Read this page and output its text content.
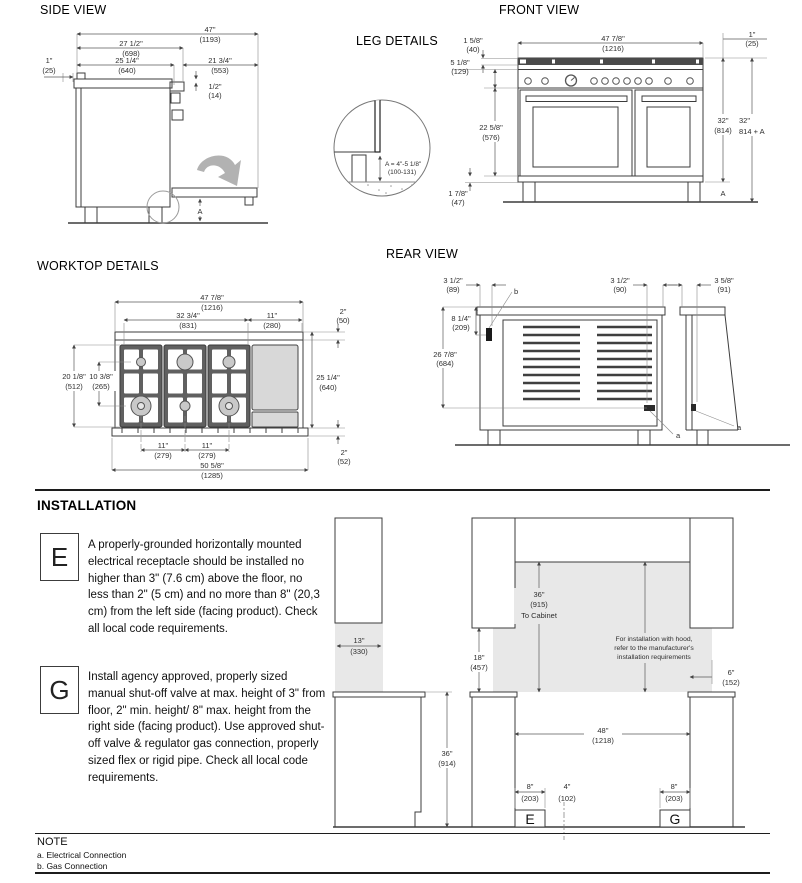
47"
(1193)
27 1/2"
(698)
25 1/4"
(640)
1"
(25)
21 3/4"
(553)
1/2"
(14)
A
47 7/8"
(1216)
1 5/8"
(40)
5 1/8"
(129)
22 5/8"
(576)
1 7/8"
(47)
1"
(25)
32"
(814)
32"
814 + A
A
A = 4"-5 1/8"
(100-131)
47 7/8"
(1216)
32 3/4"
(831)
11"
(280)
2"
(50)
20 1/8"
(512)
10 3/8"
(265)
25 1/4"
(640)
11"
(279)
11"
(279)
50 5/8"
(1285)
2"
(52)
b
a
a
3 1/2"
(89)
3 1/2"
(90)
3 5/8"
(91)
8 1/4"
(209)
26 7/8"
(684)
13"
(330)
36"
(914)
36"
(915)
To Cabinet
For installation with hood,
refer to the manufacturer's
installation requirements
18"
(457)
6"
(152)
48''
(1218)
E	G
8"
(203)
4"
(102)
8"
(203)
SIDE VIEW	FRONT VIEW
LEG DETAILS
WORKTOP DETAILS
REAR VIEW
INSTALLATION
E A properly-grounded horizontally mounted electrical receptacle should be installed no higher than 3" (7.6 cm) above the floor, no less than 2" (5 cm) and no more than 8" (20,3 cm) from the left side (facing product). Check all local code requirements.
G Install agency approved, properly sized manual shut-off valve at max. height of 3" from floor, 2" min. height/ 8" max. height from the right side (facing product). Use approved shut-off valve & regulator gas connection, properly sized flex or rigid pipe. Check all local code requirements.
NOTE
a. Electrical Connection
b. Gas Connection
